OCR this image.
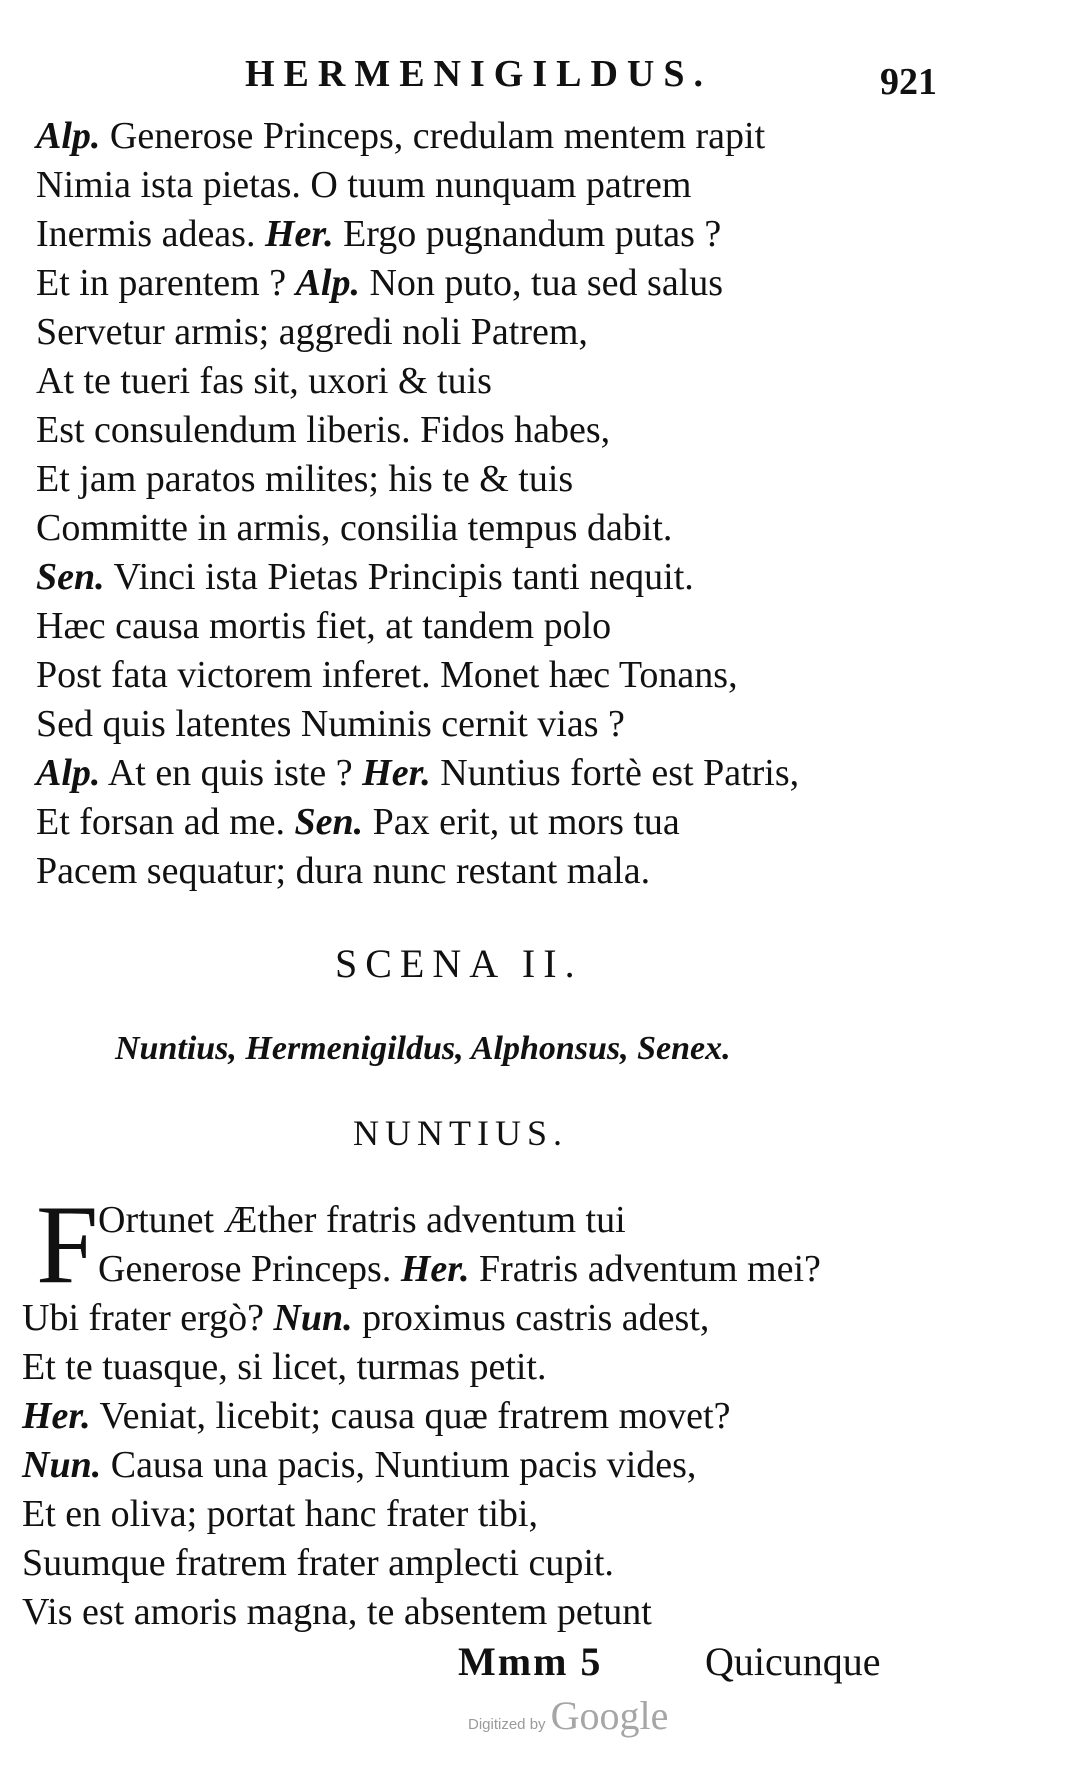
HERMENIGILDUS.	921
Alp. Generose Princeps, credulam mentem rapit
Nimia ista pietas. O tuum nunquam patrem
Inermis adeas. Her. Ergo pugnandum putas ?
Et in parentem ? Alp. Non puto, tua sed salus
Servetur armis; aggredi noli Patrem,
At te tueri fas sit, uxori & tuis
Est consulendum liberis. Fidos habes,
Et jam paratos milites; his te & tuis
Committe in armis, consilia tempus dabit.
Sen. Vinci ista Pietas Principis tanti nequit.
Hæc causa mortis fiet, at tandem polo
Post fata victorem inferet. Monet hæc Tonans,
Sed quis latentes Numinis cernit vias ?
Alp. At en quis iste ? Her. Nuntius fortè est Patris,
Et forsan ad me. Sen. Pax erit, ut mors tua
Pacem sequatur; dura nunc restant mala.
SCENA II.
Nuntius, Hermenigildus, Alphonsus, Senex.
NUNTIUS.
F Ortunet Æther fratris adventum tui
Generose Princeps. Her. Fratris adventum mei?
Ubi frater ergò? Nun. proximus castris adest,
Et te tuasque, si licet, turmas petit.
Her. Veniat, licebit; causa quæ fratrem movet?
Nun. Causa una pacis, Nuntium pacis vides,
Et en oliva; portat hanc frater tibi,
Suumque fratrem frater amplecti cupit.
Vis est amoris magna, te absentem petunt
Mmm 5	Quicunque
Digitized by Google
